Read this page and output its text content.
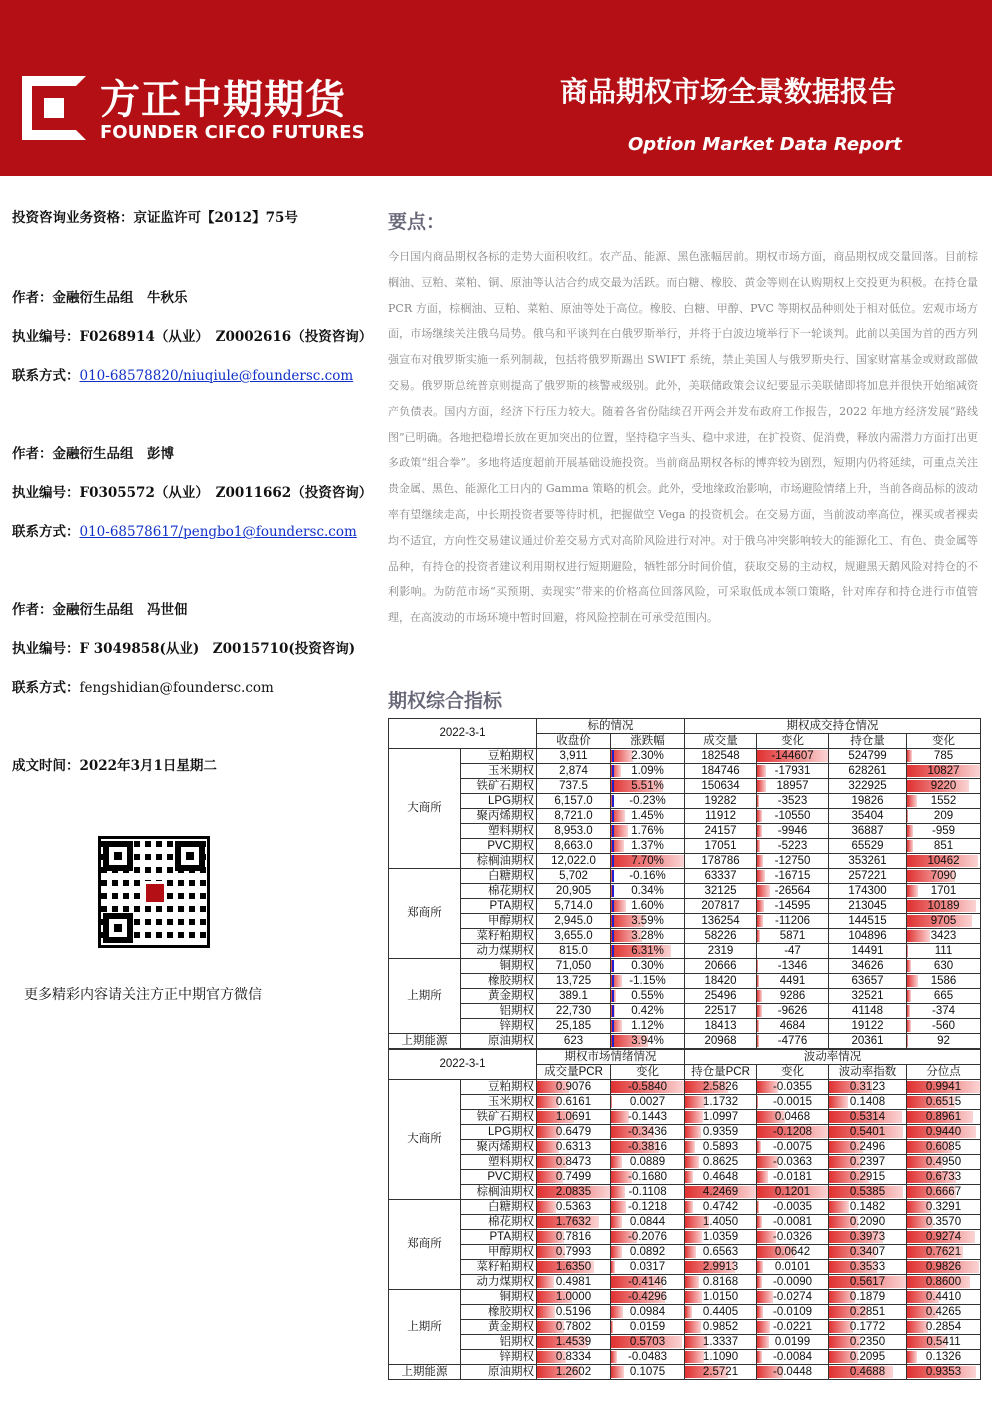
方正中期期货
FOUNDER CIFCO FUTURES
商品期权市场全景数据报告
Option Market Data Report
投资咨询业务资格：京证监许可【2012】75号
作者：金融衍生品组　牛秋乐
执业编号：F0268914（从业）　Z0002616（投资咨询）
联系方式：010-68578820/niuqiule@foundersc.com
作者：金融衍生品组　彭博
执业编号：F0305572（从业）　Z0011662（投资咨询）
联系方式：010-68578617/pengbo1@foundersc.com
作者：金融衍生品组　冯世佃
执业编号：F 3049858(从业)　Z0015710(投资咨询)
联系方式：fengshidian@foundersc.com
成文时间：2022年3月1日星期二
更多精彩内容请关注方正中期官方微信
要点：
今日国内商品期权各标的走势大面积收红。农产品、能源、黑色涨幅居前。期权市场方面，商品期权成交量回落。目前棕榈油、豆粕、菜粕、铜、原油等认沽合约成交最为活跃。而白糖、橡胶、黄金等则在认购期权上交投更为积极。在持仓量 PCR 方面，棕榈油、豆粕、菜粕、原油等处于高位。橡胶、白糖、甲醇、PVC 等期权品种则处于相对低位。宏观市场方面，市场继续关注俄乌局势。俄乌和平谈判在白俄罗斯举行，并将于白波边境举行下一轮谈判。此前以美国为首的西方列强宣布对俄罗斯实施一系列制裁，包括将俄罗斯踢出 SWIFT 系统，禁止美国人与俄罗斯央行、国家财富基金或财政部做交易。俄罗斯总统普京则提高了俄罗斯的核警戒级别。此外，美联储政策会议纪要显示美联储即将加息并很快开始缩减资产负债表。国内方面，经济下行压力较大。随着各省份陆续召开两会并发布政府工作报告，2022 年地方经济发展“路线图”已明确。各地把稳增长放在更加突出的位置，坚持稳字当头、稳中求进，在扩投资、促消费，释放内需潜力方面打出更多政策“组合拳”。多地将适度超前开展基础设施投资。当前商品期权各标的博弈较为剧烈，短期内仍将延续，可重点关注贵金属、黑色、能源化工日内的 Gamma 策略的机会。此外，受地缘政治影响，市场避险情绪上升，当前各商品标的波动率有望继续走高，中长期投资者要等待时机，把握做空 Vega 的投资机会。在交易方面，当前波动率高位，裸买或者裸卖均不适宜，方向性交易建议通过价差交易方式对高阶风险进行对冲。对于俄乌冲突影响较大的能源化工、有色、贵金属等品种，有持仓的投资者建议利用期权进行短期避险，牺牲部分时间价值，获取交易的主动权，规避黑天鹅风险对持仓的不利影响。为防范市场“买预期、卖现实”带来的价格高位回落风险，可采取低成本领口策略，针对库存和持仓进行市值管理，在高波动的市场环境中暂时回避，将风险控制在可承受范围内。
期权综合指标
2022-3-1		标的情况		期权成交持仓情况			
		收盘价	涨跌幅	成交量	变化	持仓量	变化
大商所	豆粕期权	3,911	2.30%	182548	-144607	524799	785
	玉米期权	2,874	1.09%	184746	-17931	628261	10827
	铁矿石期权	737.5	5.51%	150634	18957	322925	9220
	LPG期权	6,157.0	-0.23%	19282	-3523	19826	1552
	聚丙烯期权	8,721.0	1.45%	11912	-10550	35404	209
	塑料期权	8,953.0	1.76%	24157	-9946	36887	-959
	PVC期权	8,663.0	1.37%	17051	-5223	65529	851
	棕榈油期权	12,022.0	7.70%	178786	-12750	353261	10462
郑商所	白糖期权	5,702	-0.16%	63337	-16715	257221	7090
	棉花期权	20,905	0.34%	32125	-26564	174300	1701
	PTA期权	5,714.0	1.60%	207817	-14595	213045	10189
	甲醇期权	2,945.0	3.59%	136254	-11206	144515	9705
	菜籽粕期权	3,655.0	3.28%	58226	5871	104896	3423
	动力煤期权	815.0	6.31%	2319	-47	14491	111
上期所	铜期权	71,050	0.30%	20666	-1346	34626	630
	橡胶期权	13,725	-1.15%	18420	4491	63657	1586
	黄金期权	389.1	0.55%	25496	9286	32521	665
	铝期权	22,730	0.42%	22517	-9626	41148	-374
	锌期权	25,185	1.12%	18413	4684	19122	-560
上期能源	原油期权	623	3.94%	20968	-4776	20361	92
2022-3-1		期权市场情绪情况		波动率情况			
		成交量PCR	变化	持仓量PCR	变化	波动率指数	分位点
大商所	豆粕期权	0.9076	-0.5840	2.5826	-0.0355	0.3123	0.9941
	玉米期权	0.6161	0.0027	1.1732	-0.0015	0.1408	0.6515
	铁矿石期权	1.0691	-0.1443	1.0997	0.0468	0.5314	0.8961
	LPG期权	0.6479	-0.3436	0.9359	-0.1208	0.5401	0.9440
	聚丙烯期权	0.6313	-0.3816	0.5893	-0.0075	0.2496	0.6085
	塑料期权	0.8473	0.0889	0.8625	-0.0363	0.2397	0.4950
	PVC期权	0.7499	-0.1680	0.4648	-0.0181	0.2915	0.6733
	棕榈油期权	2.0835	-0.1108	4.2469	0.1201	0.5385	0.6667
郑商所	白糖期权	0.5363	-0.1218	0.4742	-0.0035	0.1482	0.3291
	棉花期权	1.7632	0.0844	1.4050	-0.0081	0.2090	0.3570
	PTA期权	0.7816	-0.2076	1.0359	-0.0326	0.3973	0.9274
	甲醇期权	0.7993	0.0892	0.6563	0.0642	0.3407	0.7621
	菜籽粕期权	1.6350	0.0317	2.9913	0.0101	0.3533	0.9826
	动力煤期权	0.4981	-0.4146	0.8168	-0.0090	0.5617	0.8600
上期所	铜期权	1.0000	-0.4296	1.0150	-0.0274	0.1879	0.4410
	橡胶期权	0.5196	0.0984	0.4405	-0.0109	0.2851	0.4265
	黄金期权	0.7802	0.0159	0.9852	-0.0221	0.1772	0.2854
	铝期权	1.4539	0.5703	1.3337	0.0199	0.2350	0.5411
	锌期权	0.8334	-0.0483	1.1090	-0.0084	0.2095	0.1326
上期能源	原油期权	1.2602	0.1075	2.5721	-0.0448	0.4688	0.9353
